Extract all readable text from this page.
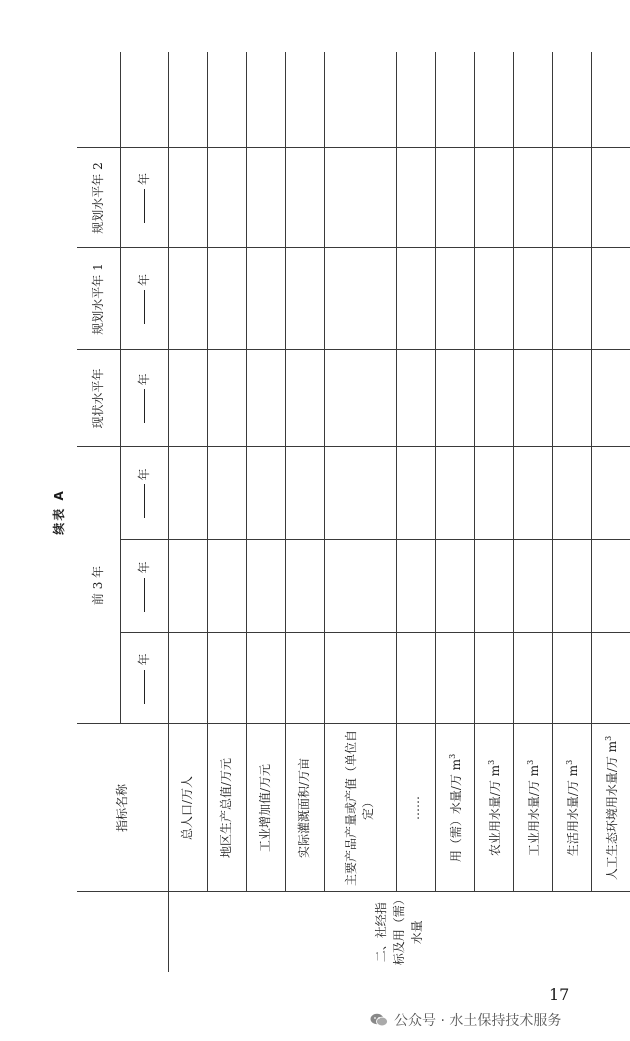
续表 A
	指标名称	前 3 年			现状水平年	规划水平年 1	规划水平年 2	
		年	年	年	年	年	年	
二、社经指标及用（需）水量	总人口/万人							
	地区生产总值/万元							
	工业增加值/万元							
	实际灌溉面积/万亩							
	主要产品产量或产值（单位自定）							
	……							
	用（需）水量/万 $m^3$							
	农业用水量/万 $m^3$							
	工业用水量/万 $m^3$							
	生活用水量/万 $m^3$							
	人工生态环境用水量/万 $m^3$							
17
公众号 · 水土保持技术服务
